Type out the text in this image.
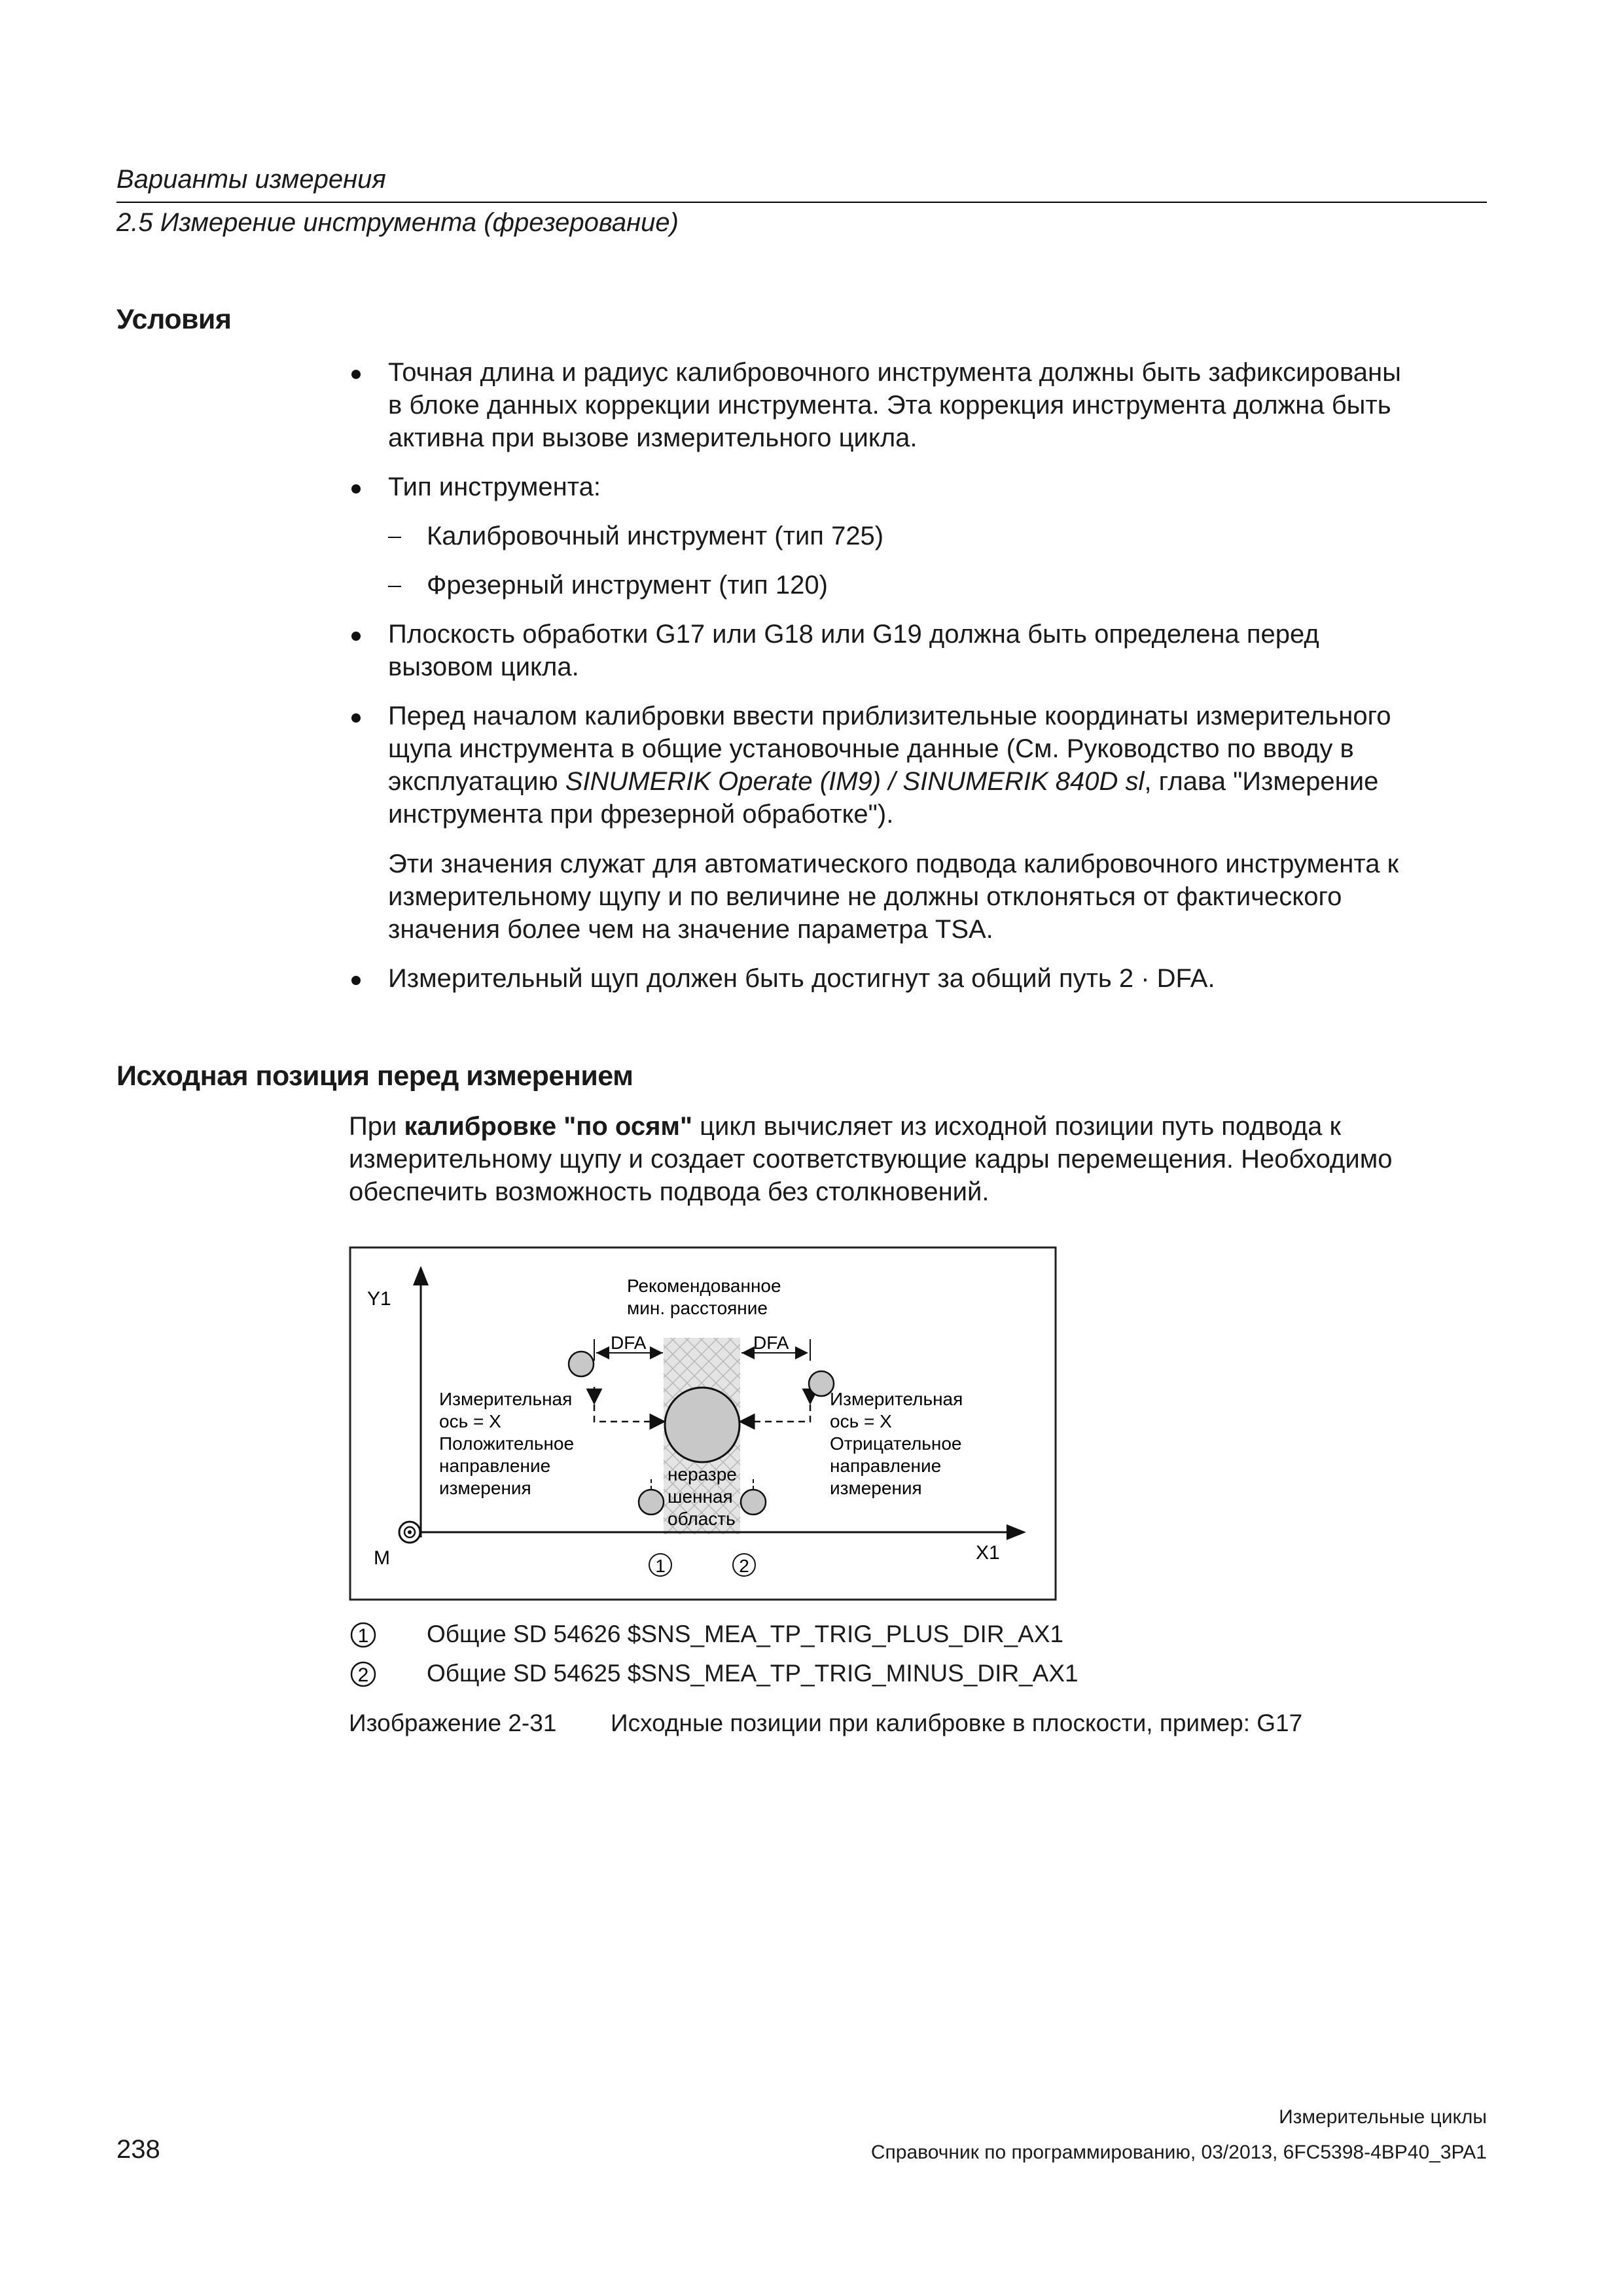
Варианты измерения
2.5 Измерение инструмента (фрезерование)
Условия
Точная длина и радиус калибровочного инструмента должны быть зафиксированы
в блоке данных коррекции инструмента. Эта коррекция инструмента должна быть
активна при вызове измерительного цикла.
Тип инструмента:
Калибровочный инструмент (тип 725)
Фрезерный инструмент (тип 120)
Плоскость обработки G17 или G18 или G19 должна быть определена перед
вызовом цикла.
Перед началом калибровки ввести приблизительные координаты измерительного
щупа инструмента в общие установочные данные (См. Руководство по вводу в
эксплуатацию SINUMERIK Operate (IM9) / SINUMERIK 840D sl, глава "Измерение
инструмента при фрезерной обработке").
Эти значения служат для автоматического подвода калибровочного инструмента к
измерительному щупу и по величине не должны отклоняться от фактического
значения более чем на значение параметра TSA.
Измерительный щуп должен быть достигнут за общий путь 2 · DFA.
Исходная позиция перед измерением
При калибровке "по осям" цикл вычисляет из исходной позиции путь подвода к
измерительному щупу и создает соответствующие кадры перемещения. Необходимо
обеспечить возможность подвода без столкновений.
1	2
Y1
X1
M
Рекомендованное
мин. расстояние
DFA	DFA
Измерительная
ось = X
Положительное
направление
измерения
Измерительная
ось = X
Отрицательное
направление
измерения
неразре
шенная
область
1 Общие SD 54626 $SNS_MEA_TP_TRIG_PLUS_DIR_AX1
2 Общие SD 54625 $SNS_MEA_TP_TRIG_MINUS_DIR_AX1
Изображение 2-31 Исходные позиции при калибровке в плоскости, пример: G17
Измерительные циклы
238	Справочник по программированию, 03/2013, 6FC5398-4BP40_3PA1
